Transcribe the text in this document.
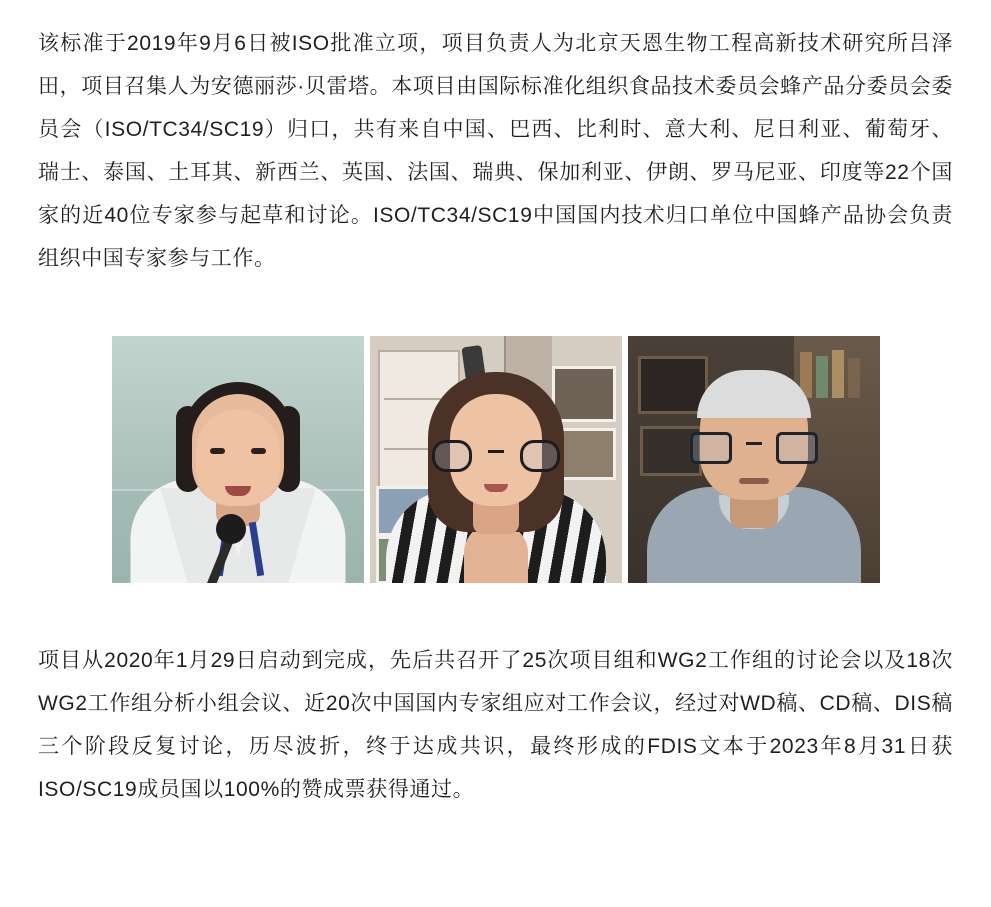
该标准于2019年9月6日被ISO批准立项，项目负责人为北京天恩生物工程高新技术研究所吕泽田，项目召集人为安德丽莎·贝雷塔。本项目由国际标准化组织食品技术委员会蜂产品分委员会委员会（ISO/TC34/SC19）归口，共有来自中国、巴西、比利时、意大利、尼日利亚、葡萄牙、瑞士、泰国、土耳其、新西兰、英国、法国、瑞典、保加利亚、伊朗、罗马尼亚、印度等22个国家的近40位专家参与起草和讨论。ISO/TC34/SC19中国国内技术归口单位中国蜂产品协会负责组织中国专家参与工作。

项目从2020年1月29日启动到完成，先后共召开了25次项目组和WG2工作组的讨论会以及18次WG2工作组分析小组会议、近20次中国国内专家组应对工作会议，经过对WD稿、CD稿、DIS稿三个阶段反复讨论，历尽波折，终于达成共识，最终形成的FDIS文本于2023年8月31日获ISO/SC19成员国以100%的赞成票获得通过。
